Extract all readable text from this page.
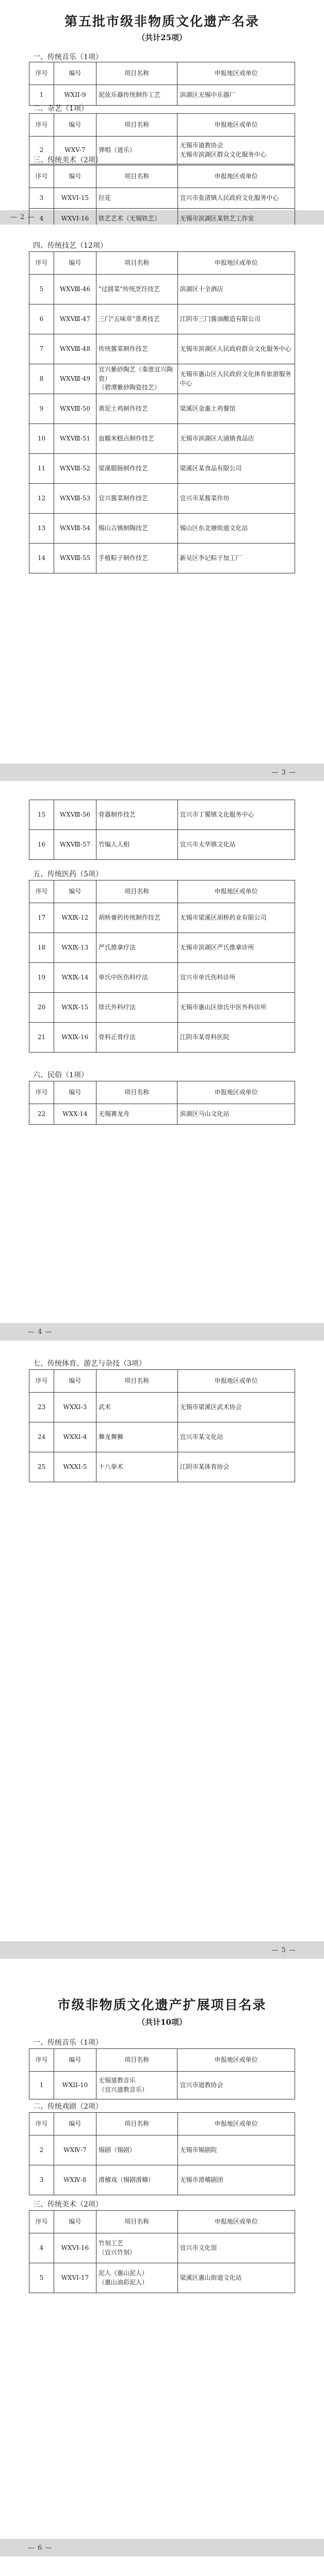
第五批市级非物质文化遗产名录
（共计25项）
一、传统音乐（1项）
序号	编号	项目名称	申报地区或单位
1	WXII-9	泥弦乐器传统制作工艺	滨湖区无锡中乐器厂
二、杂艺（1项）
序号	编号	项目名称	申报地区或单位
2	WXV-7	弹唱（道乐）	无锡市道教协会
无锡市滨湖区群众文化服务中心
三、传统美术（2项）
序号	编号	项目名称	申报地区或单位
3	WXVI-15	拉花	宜兴市张渚镇人民政府文化服务中心
4	WXVI-16	铁艺艺术（无锡铁艺）	无锡市滨湖区某铁艺工作室
— 2 —
四、传统技艺（12项）
序号	编号	项目名称	申报地区或单位
5	WXⅧ-46	"过圆菜"传统烹饪技艺	滨湖区十全酒店
6	WXⅧ-47	三门"五味草"蒸煮技艺	江阴市三门酱油酿造有限公司
7	WXⅧ-48	传统酱菜制作技艺	无锡市滨湖区人民政府群众文化服务中心
8	WXⅧ-49	宜兴紫砂陶艺（秦淮宜兴陶瓷）
（碧潭紫砂陶瓷技艺）	无锡市惠山区人民政府文化体育旅游服务中心
9	WXⅧ-50	黄泥土鸡制作技艺	梁溪区金惠土鸡餐馆
10	WXⅧ-51	血糯米糕点制作技艺	无锡市滨湖区大浦镇食品店
11	WXⅧ-52	梁溪腊肠制作技艺	梁溪区某食品有限公司
12	WXⅧ-53	宜兴酱菜制作技艺	宜兴市某酱菜作坊
13	WXⅧ-54	锡山古镇制陶技艺	锡山区东北塘街道文化站
14	WXⅧ-55	手植粽子制作技艺	新吴区李记粽子加工厂
— 3 —
15	WXⅧ-56	骨器制作技艺	宜兴市丁蜀镇文化服务中心
16	WXⅧ-57	竹编人人相	宜兴市太华镇文化站
五、传统医药（5项）
序号	编号	项目名称	申报地区或单位
17	WXⅨ-12	胡桥膏药传统制作技艺	无锡市梁溪区胡桥药业有限公司
18	WXⅨ-13	严氏推拿疗法	无锡市滨湖区严氏推拿诊所
19	WXⅨ-14	单氏中医伤科疗法	宜兴市单氏伤科诊所
20	WXⅨ-15	徐氏外科疗法	无锡市惠山区徐氏中医外科诊所
21	WXⅨ-16	骨科正骨疗法	江阴市某骨科医院
六、民俗（1项）
序号	编号	项目名称	申报地区或单位
22	WXX-14	无锡赛龙舟	滨湖区马山文化站
— 4 —
七、传统体育、游艺与杂技（3项）
序号	编号	项目名称	申报地区或单位
23	WXXI-3	武术	无锡市梁溪区武术协会
24	WXXI-4	舞龙舞狮	宜兴市某文化站
25	WXXI-5	十八拳术	江阴市某体育协会
— 5 —
市级非物质文化遗产扩展项目名录
（共计10项）
一、传统音乐（1项）
序号	编号	项目名称	申报地区或单位
1	WXII-10	无锡道教音乐
（宜兴道教音乐）	宜兴市道教协会
二、传统戏剧（2项）
序号	编号	项目名称	申报地区或单位
2	WXⅣ-7	锡剧（锡剧）	无锡市锡剧院
3	WXⅣ-8	滑稽戏（锡剧滑稽）	无锡市滑稽剧团
三、传统美术（2项）
序号	编号	项目名称	申报地区或单位
4	WXVI-16	竹刻工艺
（宜兴竹刻）	宜兴市文化馆
5	WXVI-17	泥人（惠山泥人）
（惠山油彩泥人）	梁溪区惠山街道文化站
— 6 —
